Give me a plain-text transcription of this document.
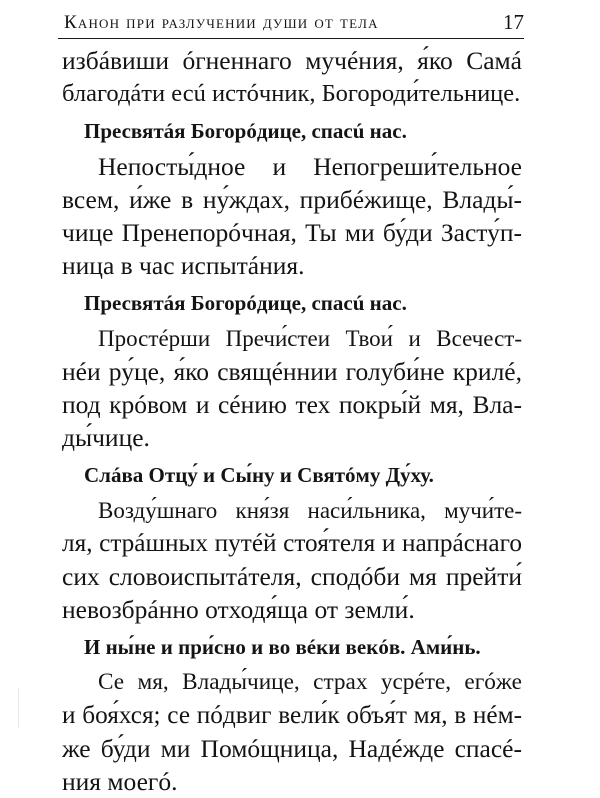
Канон при разлучении души от тела	17
избáвиши óгненнаго мучéния, я́ко Самá
благодáти есú истóчник, Богороди́тельнице.
Пресвятáя Богорóдице, спасú нас.
Непосты́дное и Непогреши́тельное
всем, и́же в ну́ждах, прибéжище, Влады́-
чице Пренепорóчная, Ты ми бу́ди Засту́п-
ница в час испытáния.
Пресвятáя Богорóдице, спасú нас.
Простéрши Пречи́стеи Твои́ и Всечест-
нéи ру́це, я́ко свящéннии голуби́не крилé,
под крóвом и сéнию тех покры́й мя, Вла-
ды́чице.
Слáва Отцу́ и Сы́ну и Святóму Ду́ху.
Возду́шнаго кня́зя наси́льника, мучи́те-
ля, стрáшных путéй стоя́теля и напрáснаго
сих словоиспытáтеля, сподóби мя прейти́
невозбрáнно отходя́ща от земли́.
И ны́не и при́сно и во вéки векóв. Ами́нь.
Се мя, Влады́чице, страх усрéте, егóже
и боя́хся; се пóдвиг вели́к объя́т мя, в нéм-
же бу́ди ми Помóщница, Надéжде спасé-
ния моегó.
